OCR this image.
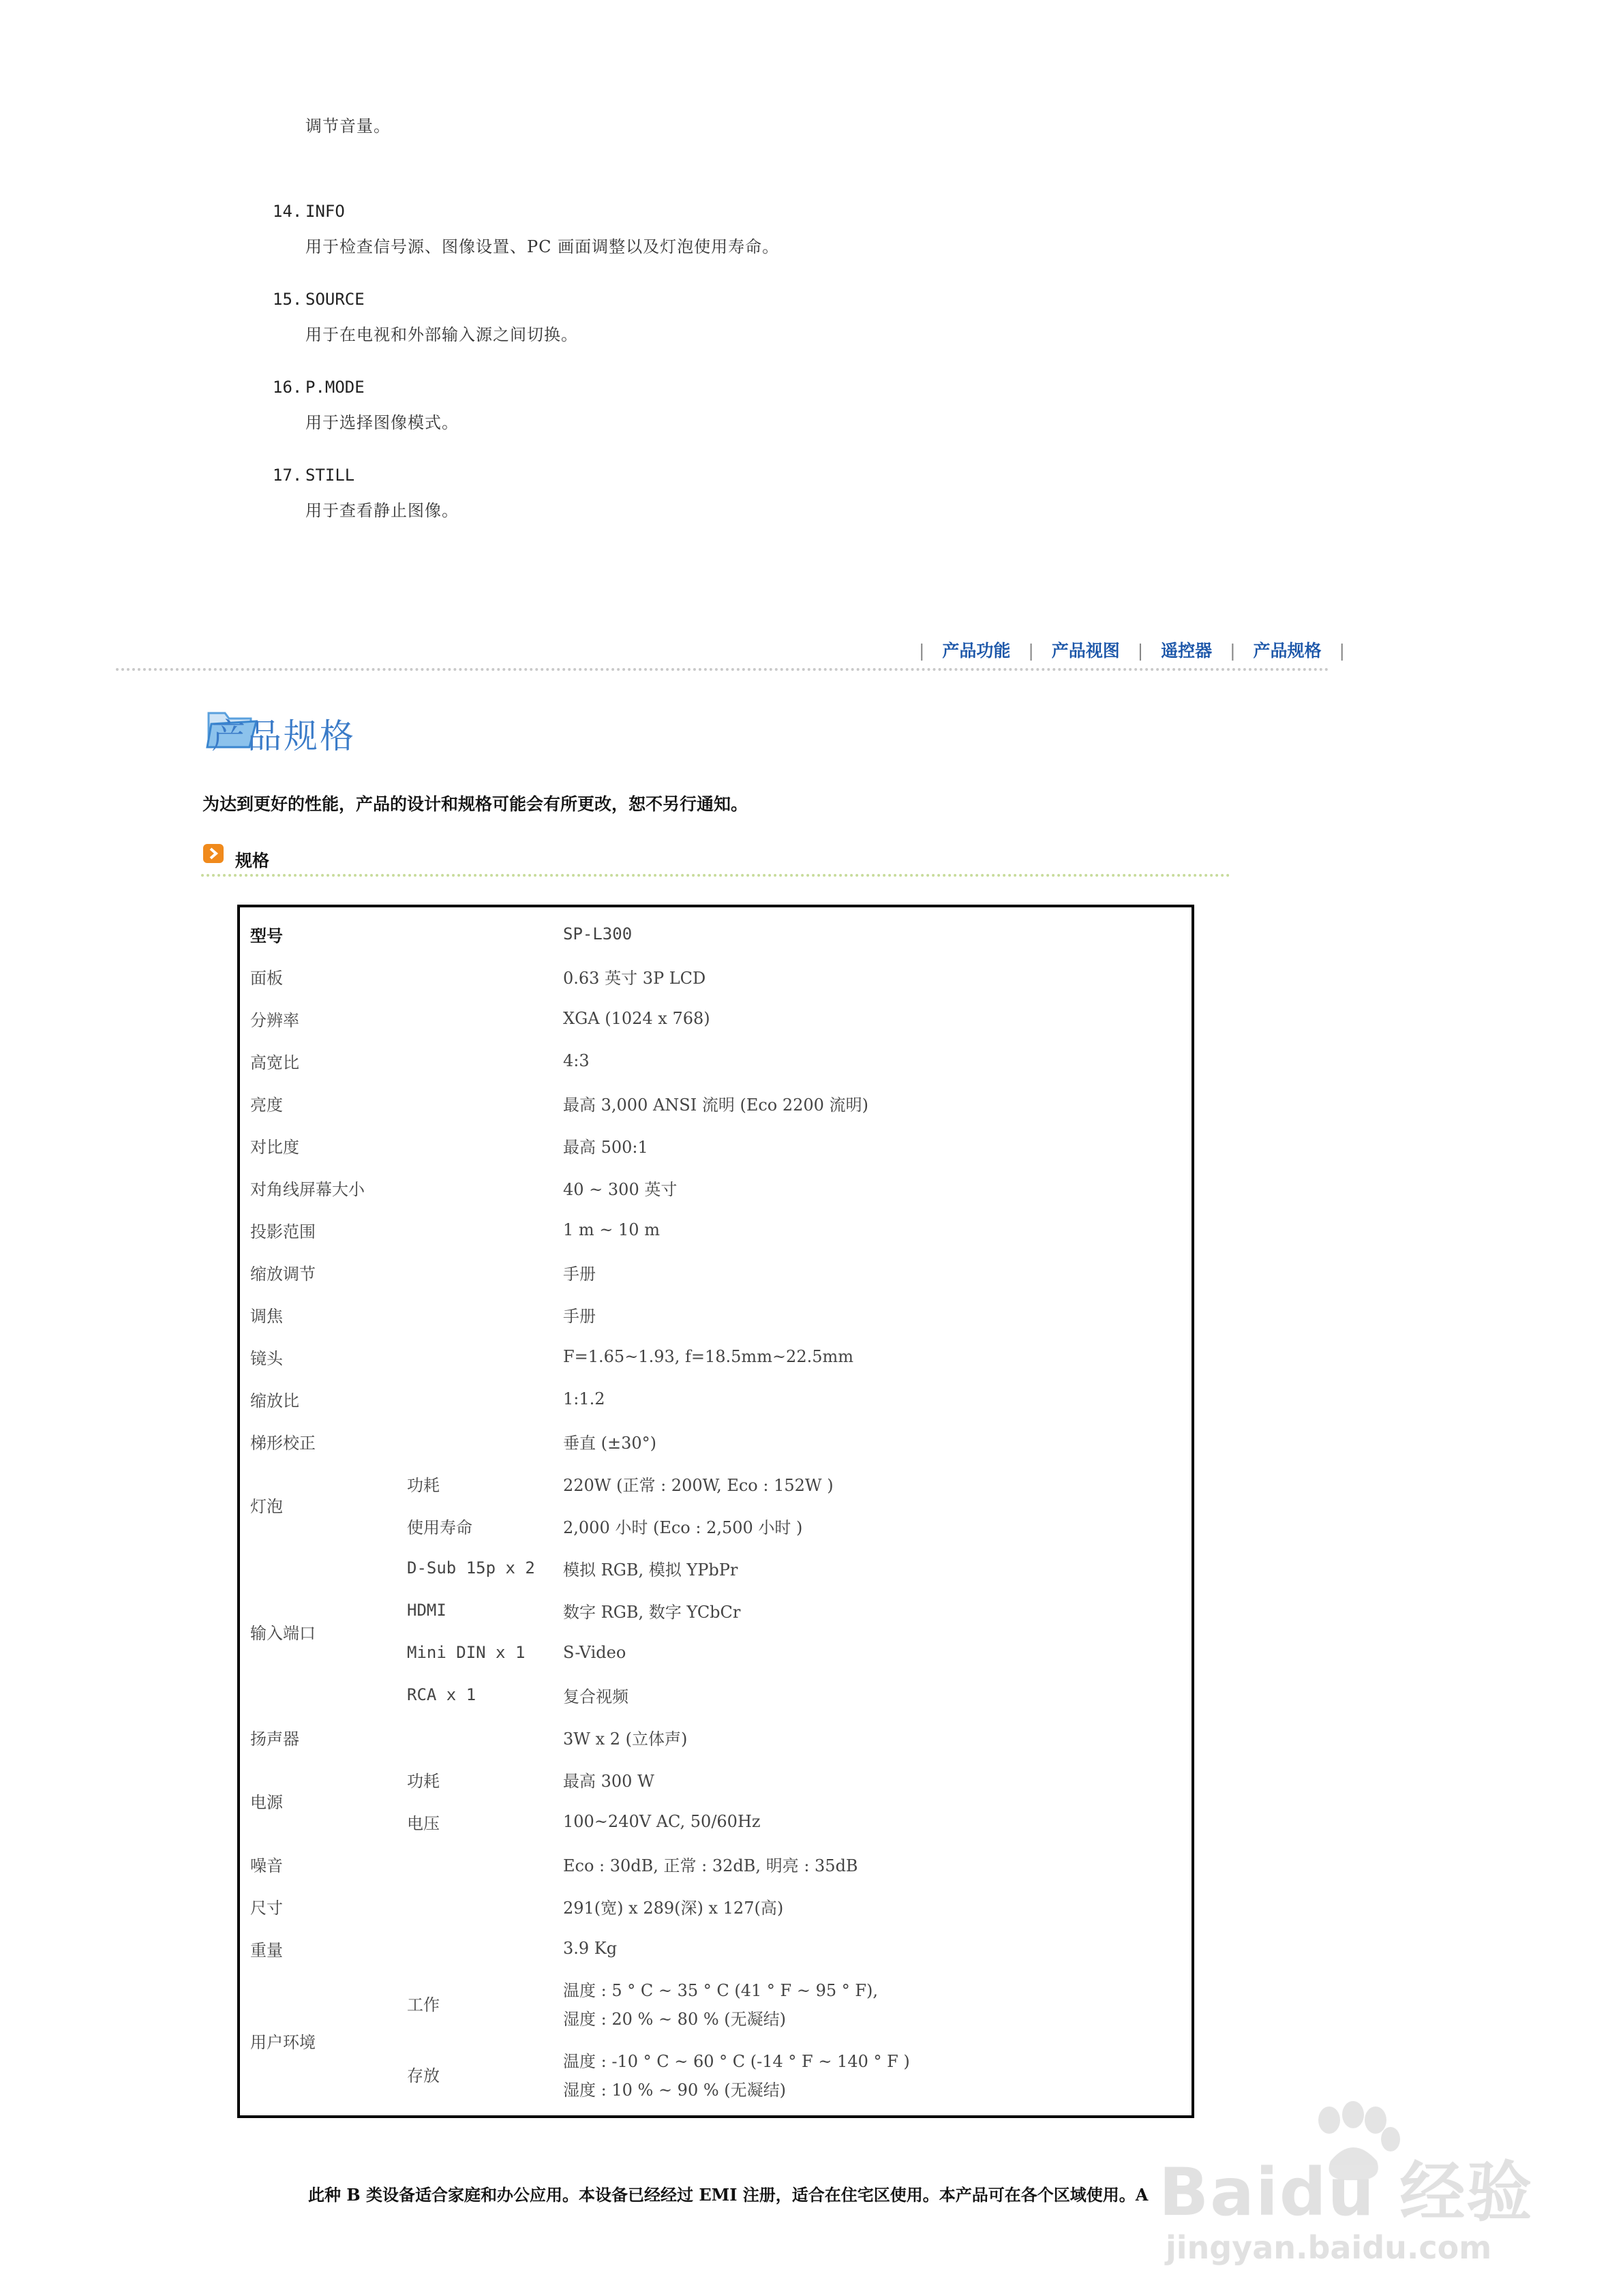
调节音量。
14. INFO
用于检查信号源、图像设置、PC 画面调整以及灯泡使用寿命。
15. SOURCE
用于在电视和外部输入源之间切换。
16. P.MODE
用于选择图像模式。
17. STILL
用于查看静止图像。
| 产品功能 | 产品视图 | 遥控器 | 产品规格 |
产品规格
为达到更好的性能，产品的设计和规格可能会有所更改，恕不另行通知。
规格
型号		SP-L300
面板		0.63 英寸 3P LCD
分辨率		XGA (1024 x 768)
高宽比		4:3
亮度		最高 3,000 ANSI 流明 (Eco 2200 流明)
对比度		最高 500:1
对角线屏幕大小		40 ~ 300 英寸
投影范围		1 m ~ 10 m
缩放调节		手册
调焦		手册
镜头		F=1.65~1.93, f=18.5mm~22.5mm
缩放比		1:1.2
梯形校正		垂直 (±30°)
灯泡	功耗	220W (正常 : 200W, Eco : 152W )
	使用寿命	2,000 小时 (Eco : 2,500 小时 )
输入端口	D-Sub 15p x 2	模拟 RGB, 模拟 YPbPr
	HDMI	数字 RGB, 数字 YCbCr
	Mini DIN x 1	S-Video
	RCA x 1	复合视频
扬声器		3W x 2 (立体声)
电源	功耗	最高 300 W
	电压	100~240V AC, 50/60Hz
噪音		Eco : 30dB, 正常 : 32dB, 明亮 : 35dB
尺寸		291(宽) x 289(深) x 127(高)
重量		3.9 Kg
用户环境	工作	温度 : 5 ° C ~ 35 ° C (41 ° F ~ 95 ° F),
湿度 : 20 % ~ 80 % (无凝结)

	存放	温度 : -10 ° C ~ 60 ° C (-14 ° F ~ 140 ° F )
湿度 : 10 % ~ 90 % (无凝结)
此种 B 类设备适合家庭和办公应用。本设备已经经过 EMI 注册，适合在住宅区使用。本产品可在各个区域使用。A Baidu 经验
jingyan.baidu.com
